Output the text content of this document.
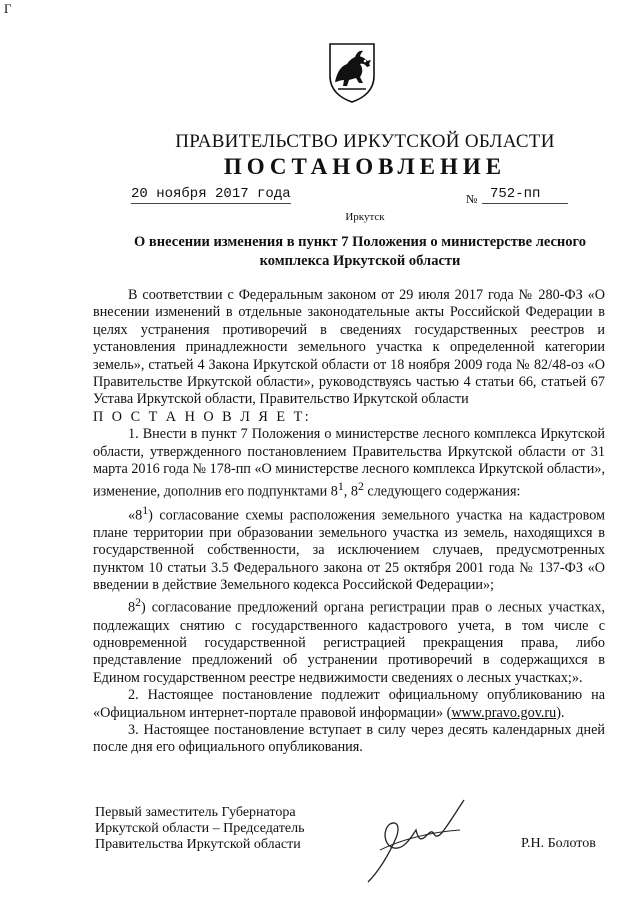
Г
ПРАВИТЕЛЬСТВО ИРКУТСКОЙ ОБЛАСТИ
ПОСТАНОВЛЕНИЕ
20 ноября 2017 года	№ 752-пп
Иркутск
О внесении изменения в пункт 7 Положения о министерстве лесного
комплекса Иркутской области

В соответствии с Федеральным законом от 29 июля 2017 года № 280-ФЗ «О внесении изменений в отдельные законодательные акты Российской Федерации в целях устранения противоречий в сведениях государственных реестров и установления принадлежности земельного участка к определенной категории земель», статьей 4 Закона Иркутской области от 18 ноября 2009 года № 82/48-оз «О Правительстве Иркутской области», руководствуясь частью 4 статьи 66, статьей 67 Устава Иркутской области, Правительство Иркутской области

П О С Т А Н О В Л Я Е Т:

1. Внести в пункт 7 Положения о министерстве лесного комплекса Иркутской области, утвержденного постановлением Правительства Иркутской области от 31 марта 2016 года № 178-пп «О министерстве лесного комплекса Иркутской области», изменение, дополнив его подпунктами $8^1$, $8^2$ следующего содержания:

«$8^1$) согласование схемы расположения земельного участка на кадастровом плане территории при образовании земельного участка из земель, находящихся в государственной собственности, за исключением случаев, предусмотренных пунктом 10 статьи 3.5 Федерального закона от 25 октября 2001 года № 137-ФЗ «О введении в действие Земельного кодекса Российской Федерации»;

$8^2$) согласование предложений органа регистрации прав о лесных участках, подлежащих снятию с государственного кадастрового учета, в том числе с одновременной государственной регистрацией прекращения права, либо представление предложений об устранении противоречий в содержащихся в Едином государственном реестре недвижимости сведениях о лесных участках;».

2. Настоящее постановление подлежит официальному опубликованию на «Официальном интернет-портале правовой информации» (www.pravo.gov.ru).

3. Настоящее постановление вступает в силу через десять календарных дней после дня его официального опубликования.

Первый заместитель Губернатора
Иркутской области – Председатель
Правительства Иркутской области	Р.Н. Болотов
